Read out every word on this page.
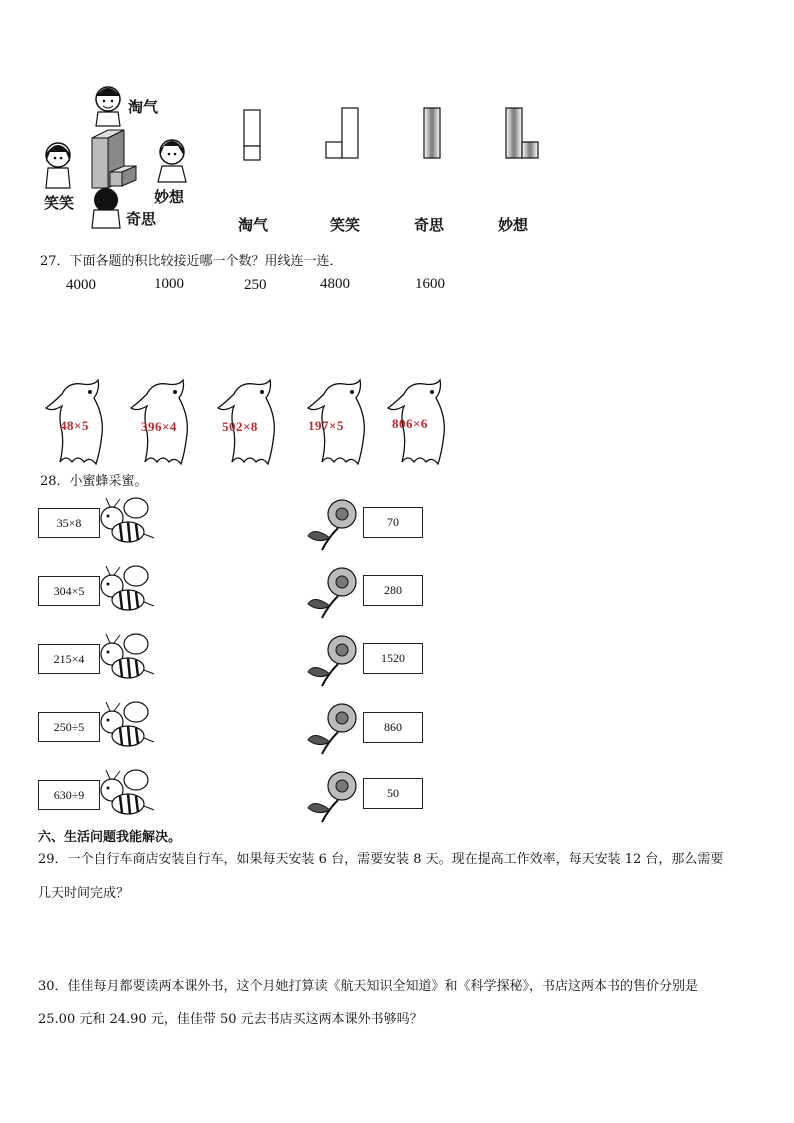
淘气
笑笑	妙想
奇思	淘气	笑笑	奇思	妙想
27．下面各题的积比较接近哪一个数？用线连一连．
4000	1000	250	4800	1600
48×5	396×4	502×8	197×5	806×6
28．小蜜蜂采蜜。
35×8
304×5
215×4
250÷5
630÷9
70
280
1520
860
50
六、生活问题我能解决。
29．一个自行车商店安装自行车，如果每天安装 6 台，需要安装 8 天。现在提高工作效率，每天安装 12 台，那么需要
几天时间完成？
30．佳佳每月都要读两本课外书，这个月她打算读《航天知识全知道》和《科学探秘》，书店这两本书的售价分别是
25.00 元和 24.90 元，佳佳带 50 元去书店买这两本课外书够吗？
